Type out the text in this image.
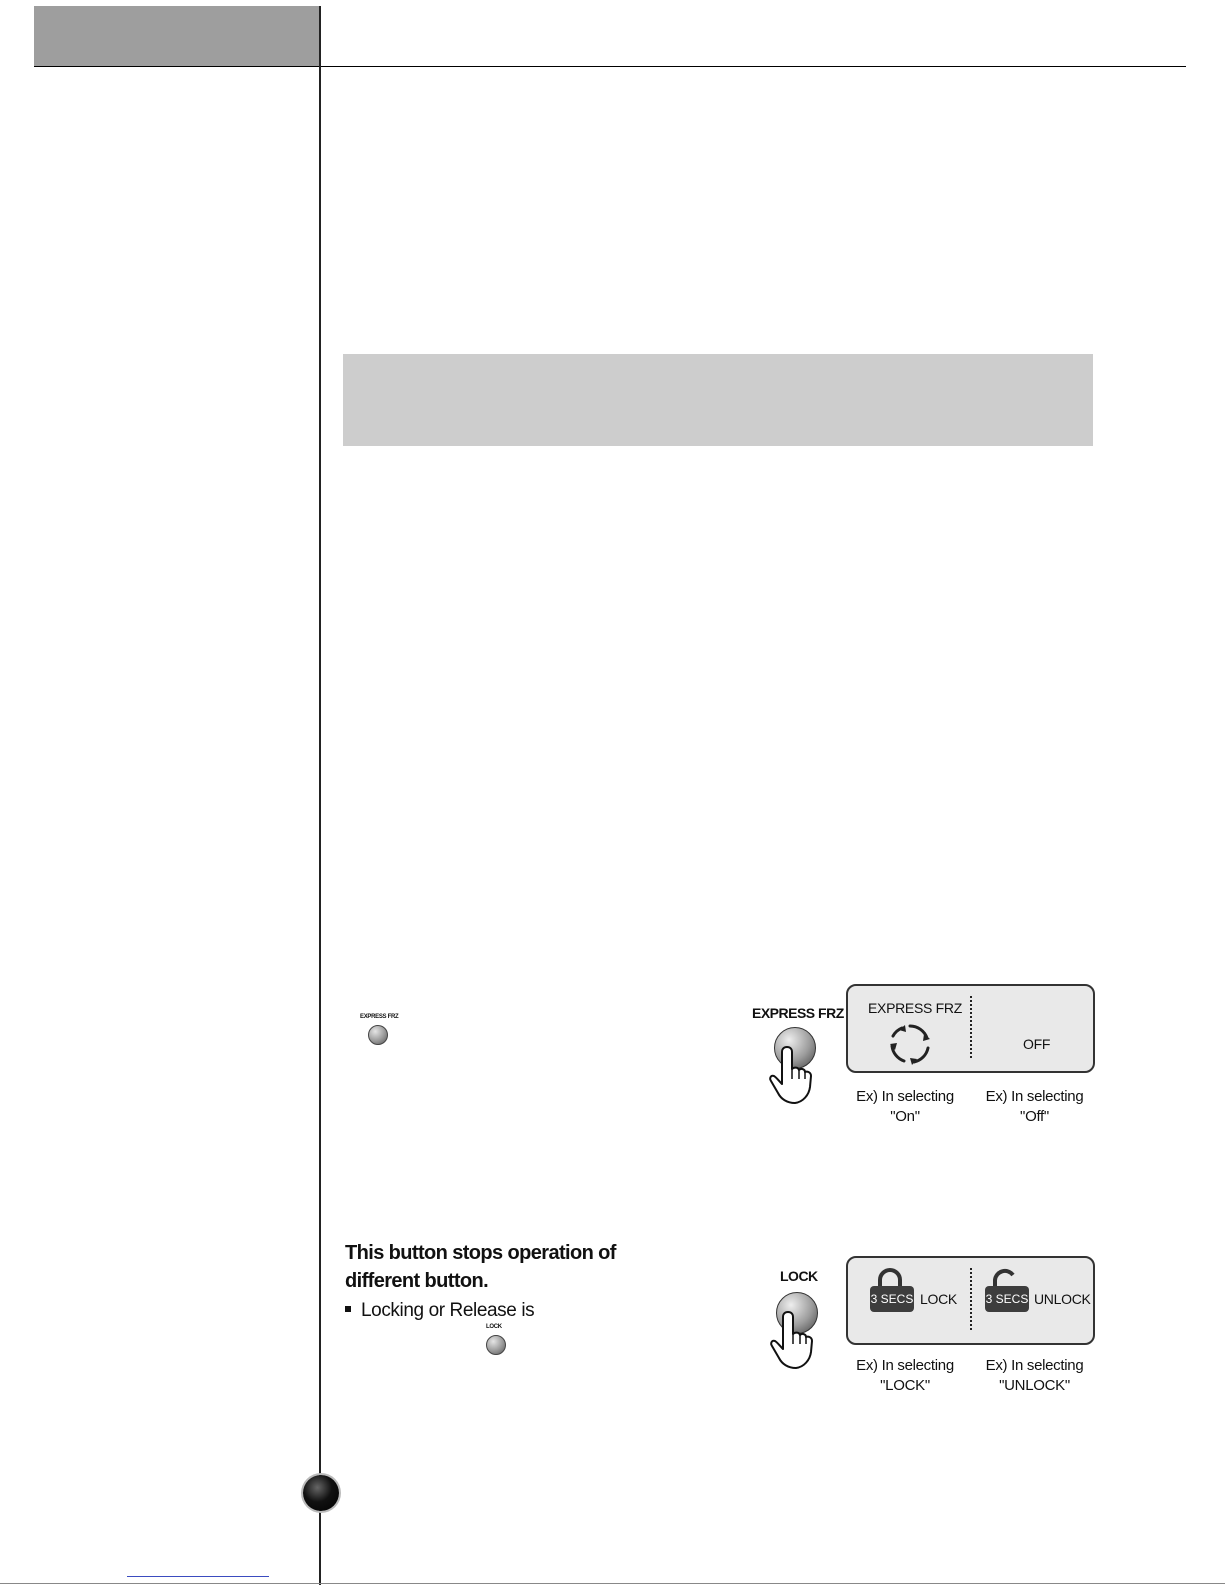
EXPRESS FRZ	EXPRESS FRZ EXPRESS FRZ
OFF
Ex) In selecting
"On"
Ex) In selecting
"Off"
This button stops operation of different button.
Locking or Release is
LOCK
LOCK
3 SECS LOCK 3 SECS UNLOCK
Ex) In selecting
"LOCK"
Ex) In selecting
"UNLOCK"
